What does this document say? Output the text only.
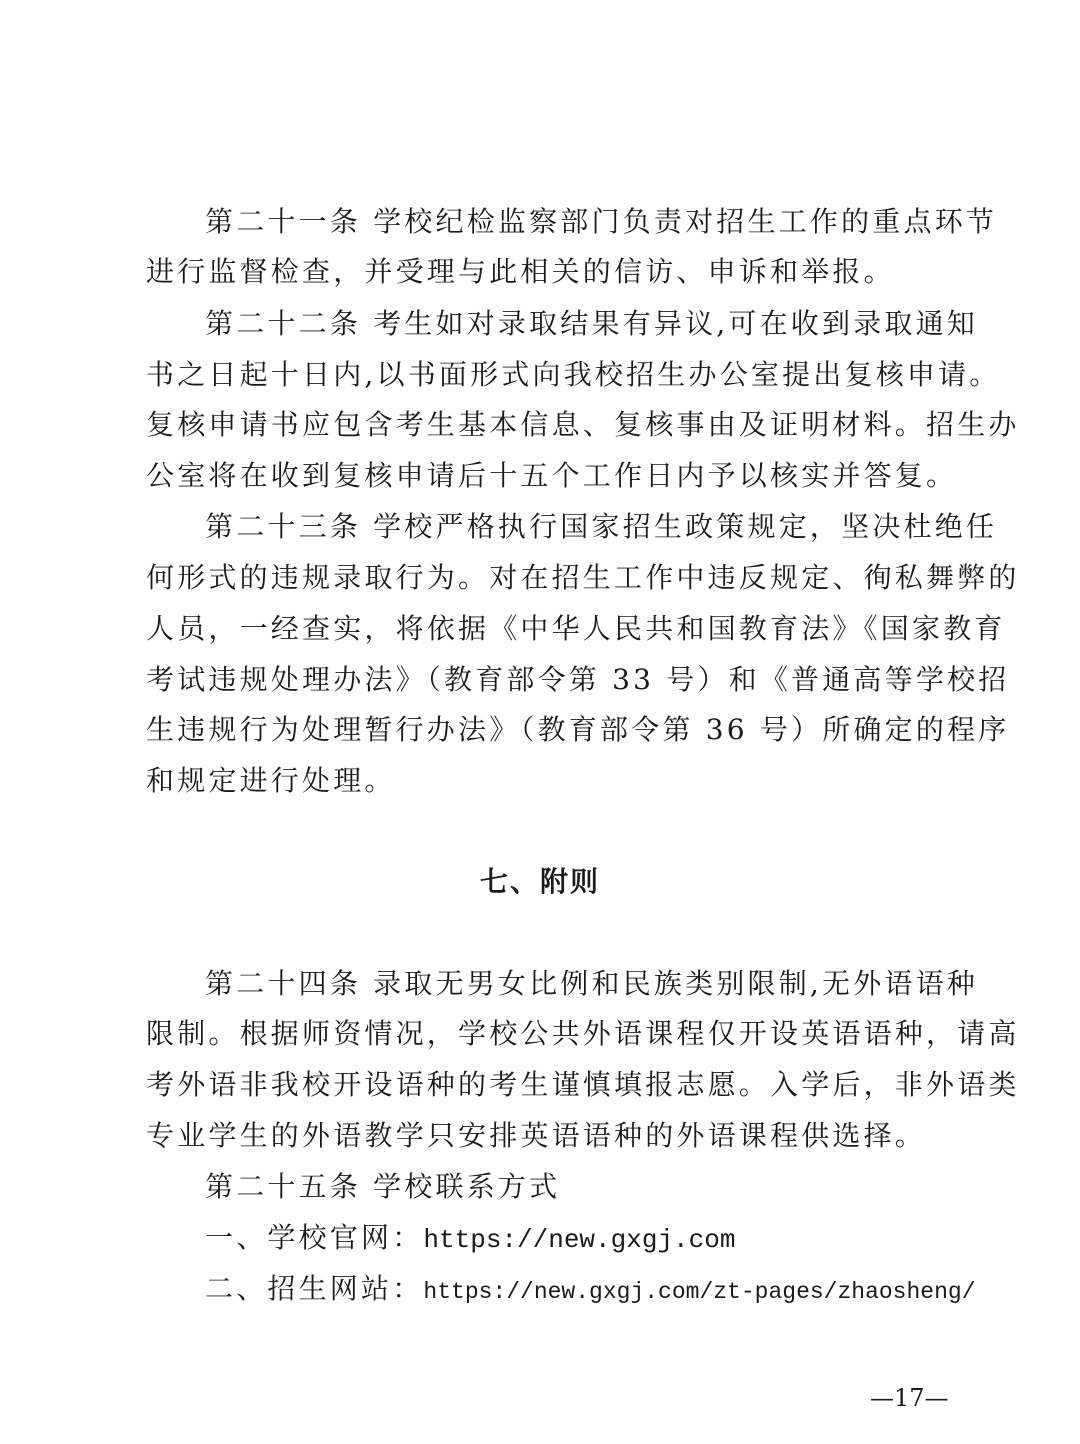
第二十一条 学校纪检监察部门负责对招生工作的重点环节
进行监督检查，并受理与此相关的信访、申诉和举报。
第二十二条 考生如对录取结果有异议,可在收到录取通知
书之日起十日内,以书面形式向我校招生办公室提出复核申请。
复核申请书应包含考生基本信息、复核事由及证明材料。招生办
公室将在收到复核申请后十五个工作日内予以核实并答复。
第二十三条 学校严格执行国家招生政策规定，坚决杜绝任
何形式的违规录取行为。对在招生工作中违反规定、徇私舞弊的
人员，一经查实，将依据《中华人民共和国教育法》《国家教育
考试违规处理办法》（教育部令第 33 号）和《普通高等学校招
生违规行为处理暂行办法》（教育部令第 36 号）所确定的程序
和规定进行处理。
七、附则
第二十四条 录取无男女比例和民族类别限制,无外语语种
限制。根据师资情况，学校公共外语课程仅开设英语语种，请高
考外语非我校开设语种的考生谨慎填报志愿。入学后，非外语类
专业学生的外语教学只安排英语语种的外语课程供选择。
第二十五条 学校联系方式
一、学校官网：https://new.gxgj.com
二、招生网站：https://new.gxgj.com/zt-pages/zhaosheng/
—17—
